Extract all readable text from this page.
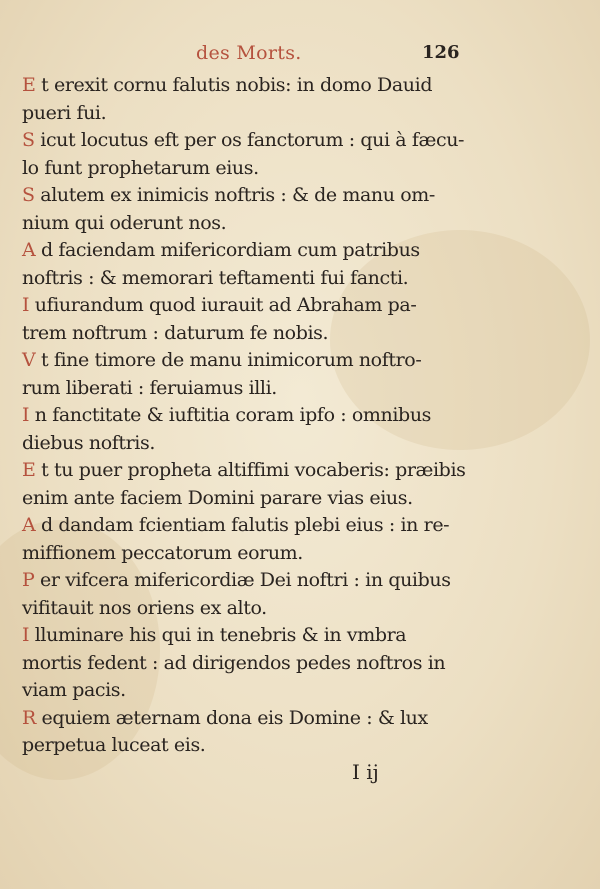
des Morts.	126
E t erexit cornu falutis nobis: in domo Dauid
pueri fui.
S icut locutus eft per os fanctorum : qui à fæcu-
lo funt prophetarum eius.
S alutem ex inimicis noftris : & de manu om-
nium qui oderunt nos.
A d faciendam mifericordiam cum patribus
noftris : & memorari teftamenti fui fancti.
I ufiurandum quod iurauit ad Abraham pa-
trem noftrum : daturum fe nobis.
V t fine timore de manu inimicorum noftro-
rum liberati : feruiamus illi.
I n fanctitate & iuftitia coram ipfo : omnibus
diebus noftris.
E t tu puer propheta altiffimi vocaberis: præibis
enim ante faciem Domini parare vias eius.
A d dandam fcientiam falutis plebi eius : in re-
miffionem peccatorum eorum.
P er vifcera mifericordiæ Dei noftri : in quibus
vifitauit nos oriens ex alto.
I lluminare his qui in tenebris & in vmbra
mortis fedent : ad dirigendos pedes noftros in
viam pacis.
R equiem æternam dona eis Domine : & lux
perpetua luceat eis.
I ij
